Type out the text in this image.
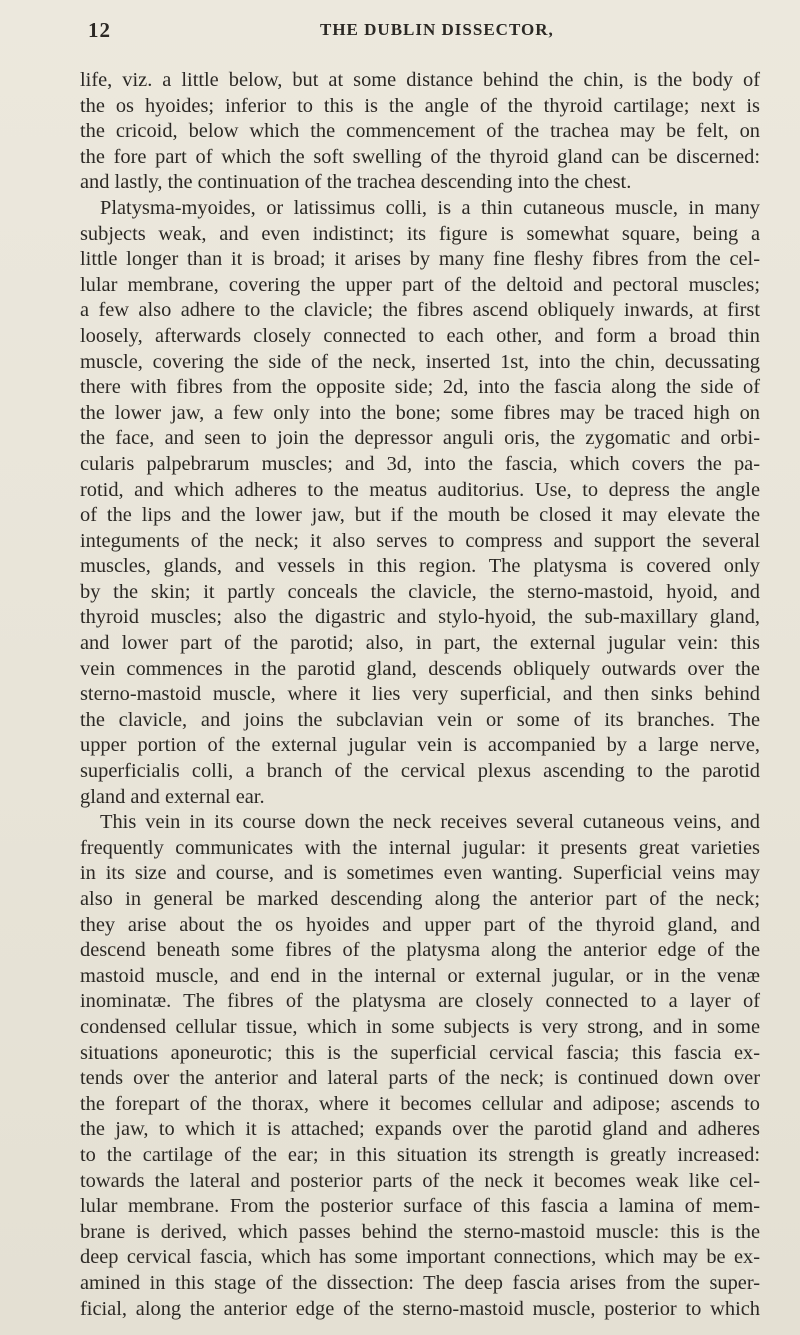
12	THE DUBLIN DISSECTOR,
life, viz. a little below, but at some distance behind the chin, is the body of
the os hyoides; inferior to this is the angle of the thyroid cartilage; next is
the cricoid, below which the commencement of the trachea may be felt, on
the fore part of which the soft swelling of the thyroid gland can be discerned:
and lastly, the continuation of the trachea descending into the chest.
Platysma-myoides, or latissimus colli, is a thin cutaneous muscle, in many
subjects weak, and even indistinct; its figure is somewhat square, being a
little longer than it is broad; it arises by many fine fleshy fibres from the cel-
lular membrane, covering the upper part of the deltoid and pectoral muscles;
a few also adhere to the clavicle; the fibres ascend obliquely inwards, at first
loosely, afterwards closely connected to each other, and form a broad thin
muscle, covering the side of the neck, inserted 1st, into the chin, decussating
there with fibres from the opposite side; 2d, into the fascia along the side of
the lower jaw, a few only into the bone; some fibres may be traced high on
the face, and seen to join the depressor anguli oris, the zygomatic and orbi-
cularis palpebrarum muscles; and 3d, into the fascia, which covers the pa-
rotid, and which adheres to the meatus auditorius. Use, to depress the angle
of the lips and the lower jaw, but if the mouth be closed it may elevate the
integuments of the neck; it also serves to compress and support the several
muscles, glands, and vessels in this region. The platysma is covered only
by the skin; it partly conceals the clavicle, the sterno-mastoid, hyoid, and
thyroid muscles; also the digastric and stylo-hyoid, the sub-maxillary gland,
and lower part of the parotid; also, in part, the external jugular vein: this
vein commences in the parotid gland, descends obliquely outwards over the
sterno-mastoid muscle, where it lies very superficial, and then sinks behind
the clavicle, and joins the subclavian vein or some of its branches. The
upper portion of the external jugular vein is accompanied by a large nerve,
superficialis colli, a branch of the cervical plexus ascending to the parotid
gland and external ear.
This vein in its course down the neck receives several cutaneous veins, and
frequently communicates with the internal jugular: it presents great varieties
in its size and course, and is sometimes even wanting. Superficial veins may
also in general be marked descending along the anterior part of the neck;
they arise about the os hyoides and upper part of the thyroid gland, and
descend beneath some fibres of the platysma along the anterior edge of the
mastoid muscle, and end in the internal or external jugular, or in the venæ
inominatæ. The fibres of the platysma are closely connected to a layer of
condensed cellular tissue, which in some subjects is very strong, and in some
situations aponeurotic; this is the superficial cervical fascia; this fascia ex-
tends over the anterior and lateral parts of the neck; is continued down over
the forepart of the thorax, where it becomes cellular and adipose; ascends to
the jaw, to which it is attached; expands over the parotid gland and adheres
to the cartilage of the ear; in this situation its strength is greatly increased:
towards the lateral and posterior parts of the neck it becomes weak like cel-
lular membrane. From the posterior surface of this fascia a lamina of mem-
brane is derived, which passes behind the sterno-mastoid muscle: this is the
deep cervical fascia, which has some important connections, which may be ex-
amined in this stage of the dissection: The deep fascia arises from the super-
ficial, along the anterior edge of the sterno-mastoid muscle, posterior to which
